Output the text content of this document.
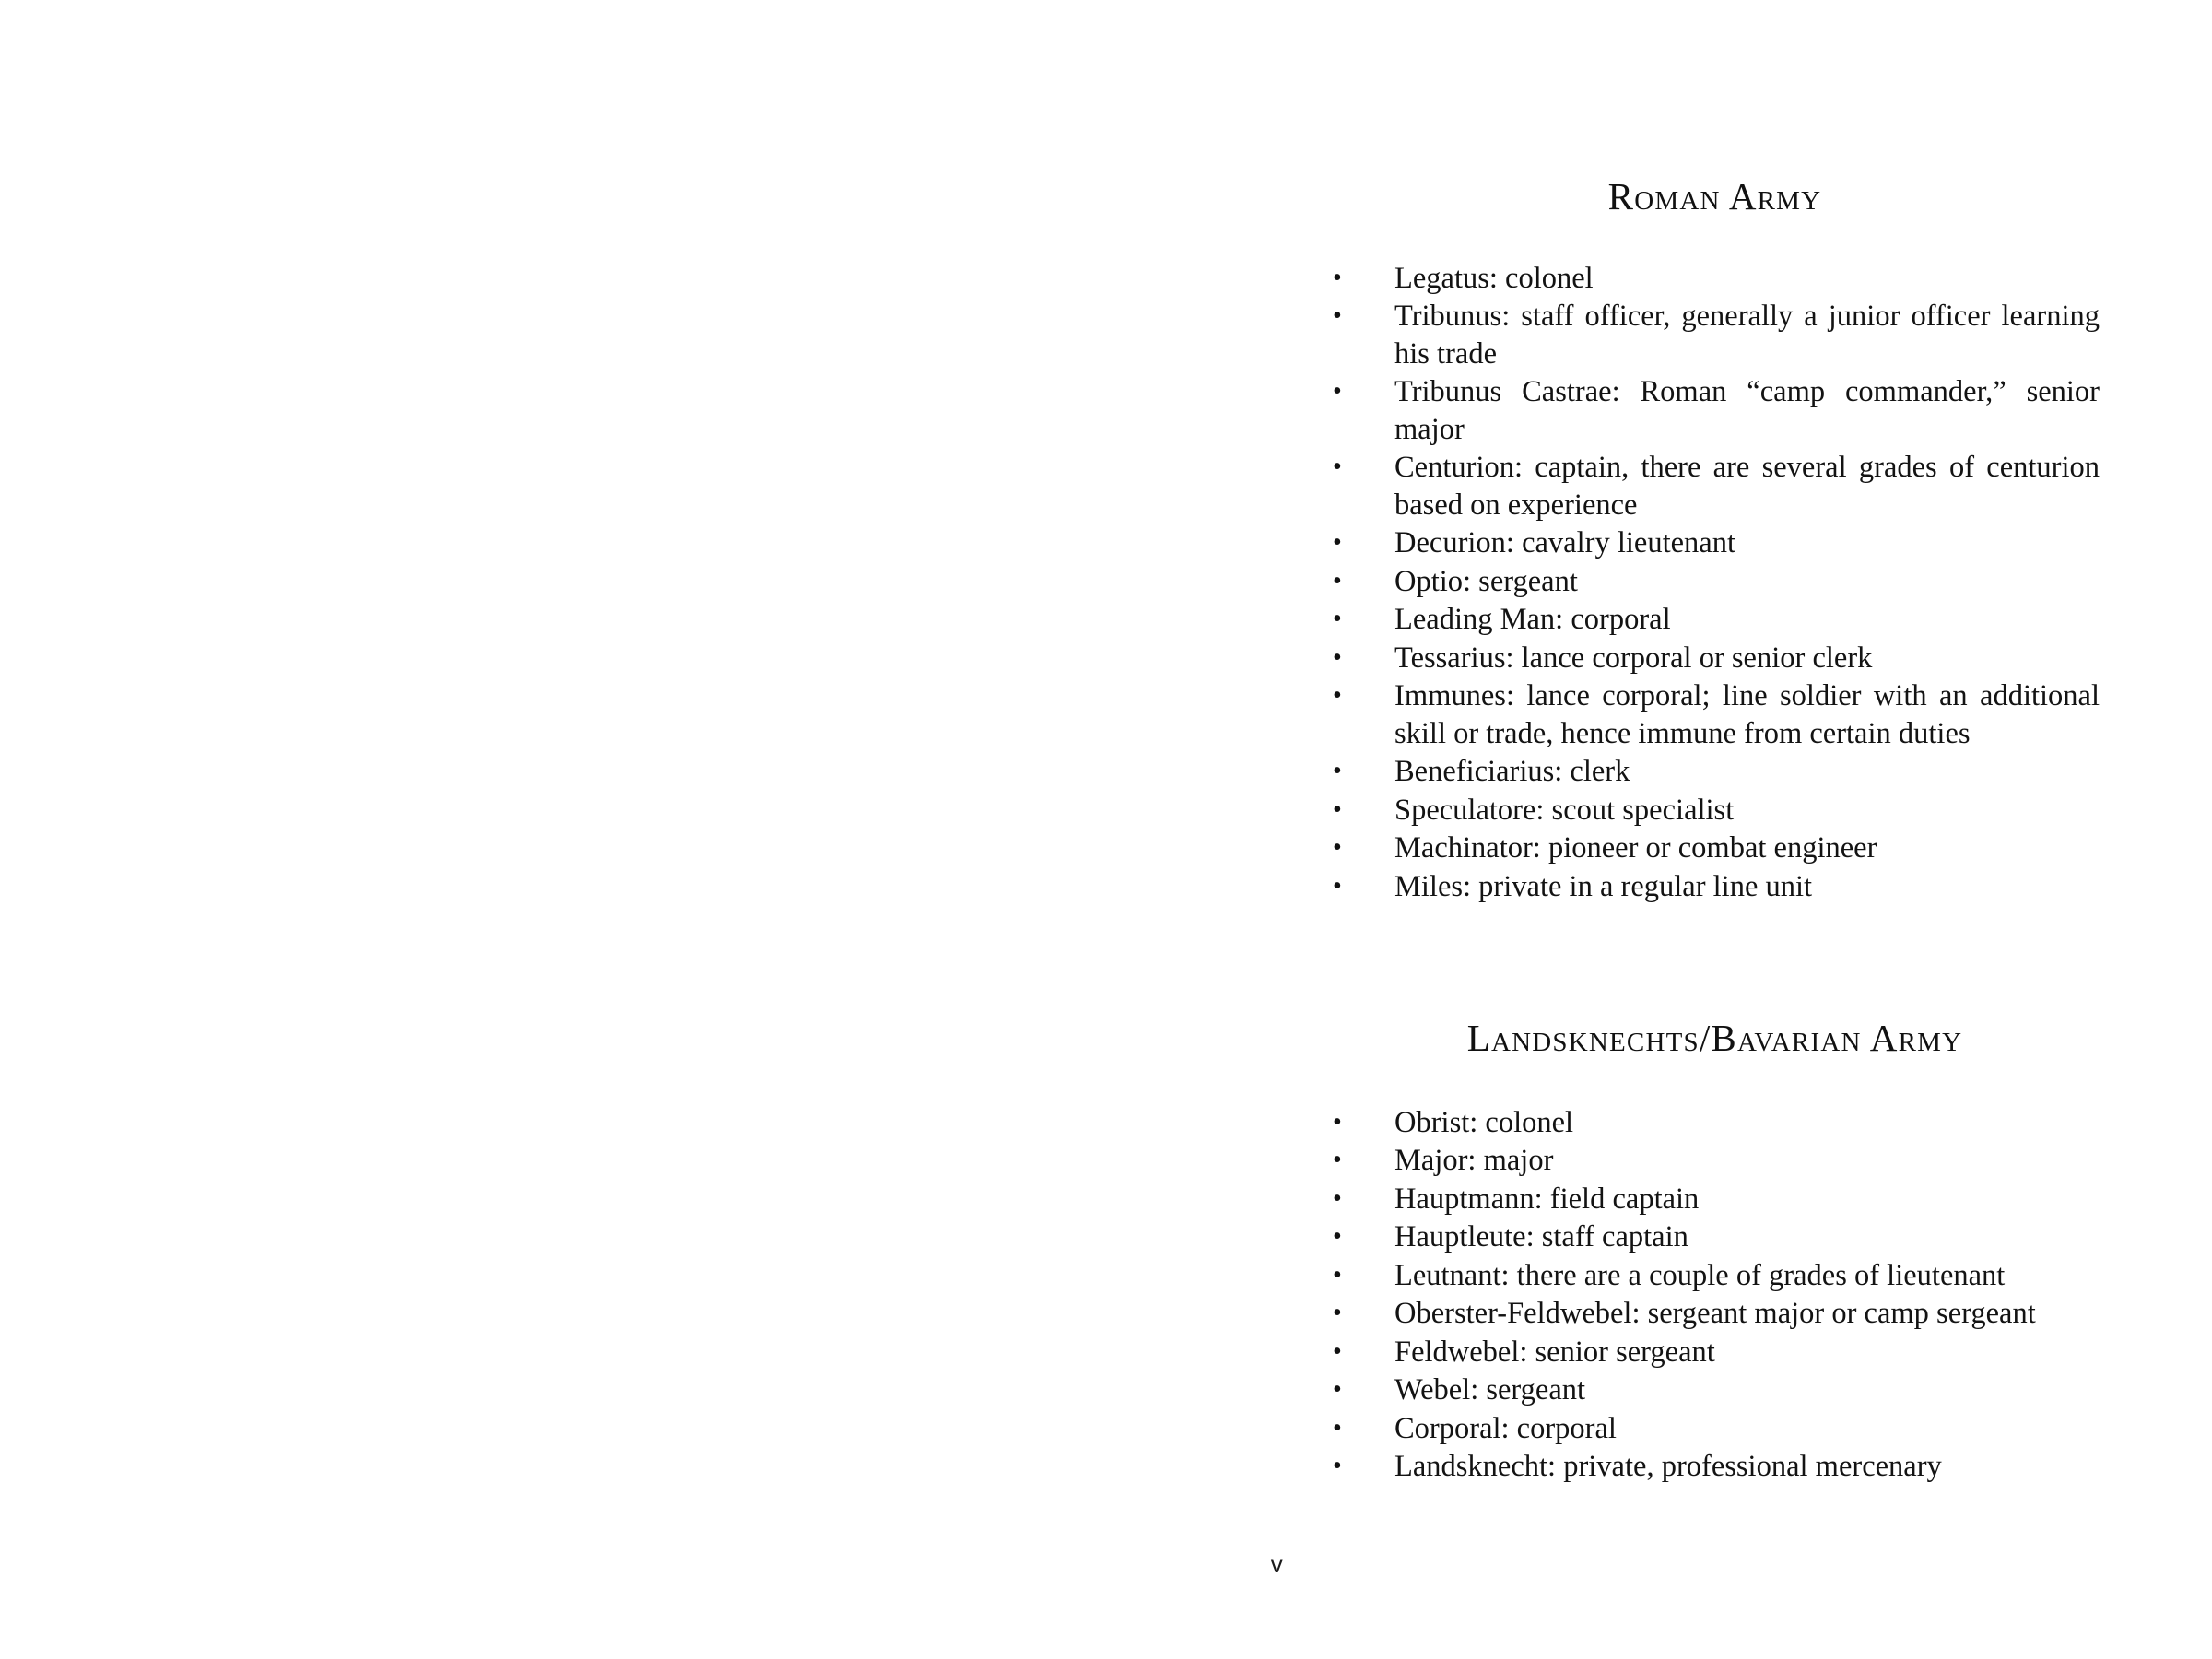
Roman Army
•	Legatus: colonel
•	Tribunus: staff officer, generally a junior officer learning his trade
•	Tribunus Castrae: Roman “camp commander,” senior major
•	Centurion: captain, there are several grades of centurion based on experience
•	Decurion: cavalry lieutenant
•	Optio: sergeant
•	Leading Man: corporal
•	Tessarius: lance corporal or senior clerk
•	Immunes: lance corporal; line soldier with an additional skill or trade, hence immune from certain duties
•	Beneficiarius: clerk
•	Speculatore: scout specialist
•	Machinator: pioneer or combat engineer
•	Miles: private in a regular line unit
Landsknechts/Bavarian Army
•	Obrist: colonel
•	Major: major
•	Hauptmann: field captain
•	Hauptleute: staff captain
•	Leutnant: there are a couple of grades of lieutenant
•	Oberster-Feldwebel: sergeant major or camp sergeant
•	Feldwebel: senior sergeant
•	Webel: sergeant
•	Corporal: corporal
•	Landsknecht: private, professional mercenary
v
